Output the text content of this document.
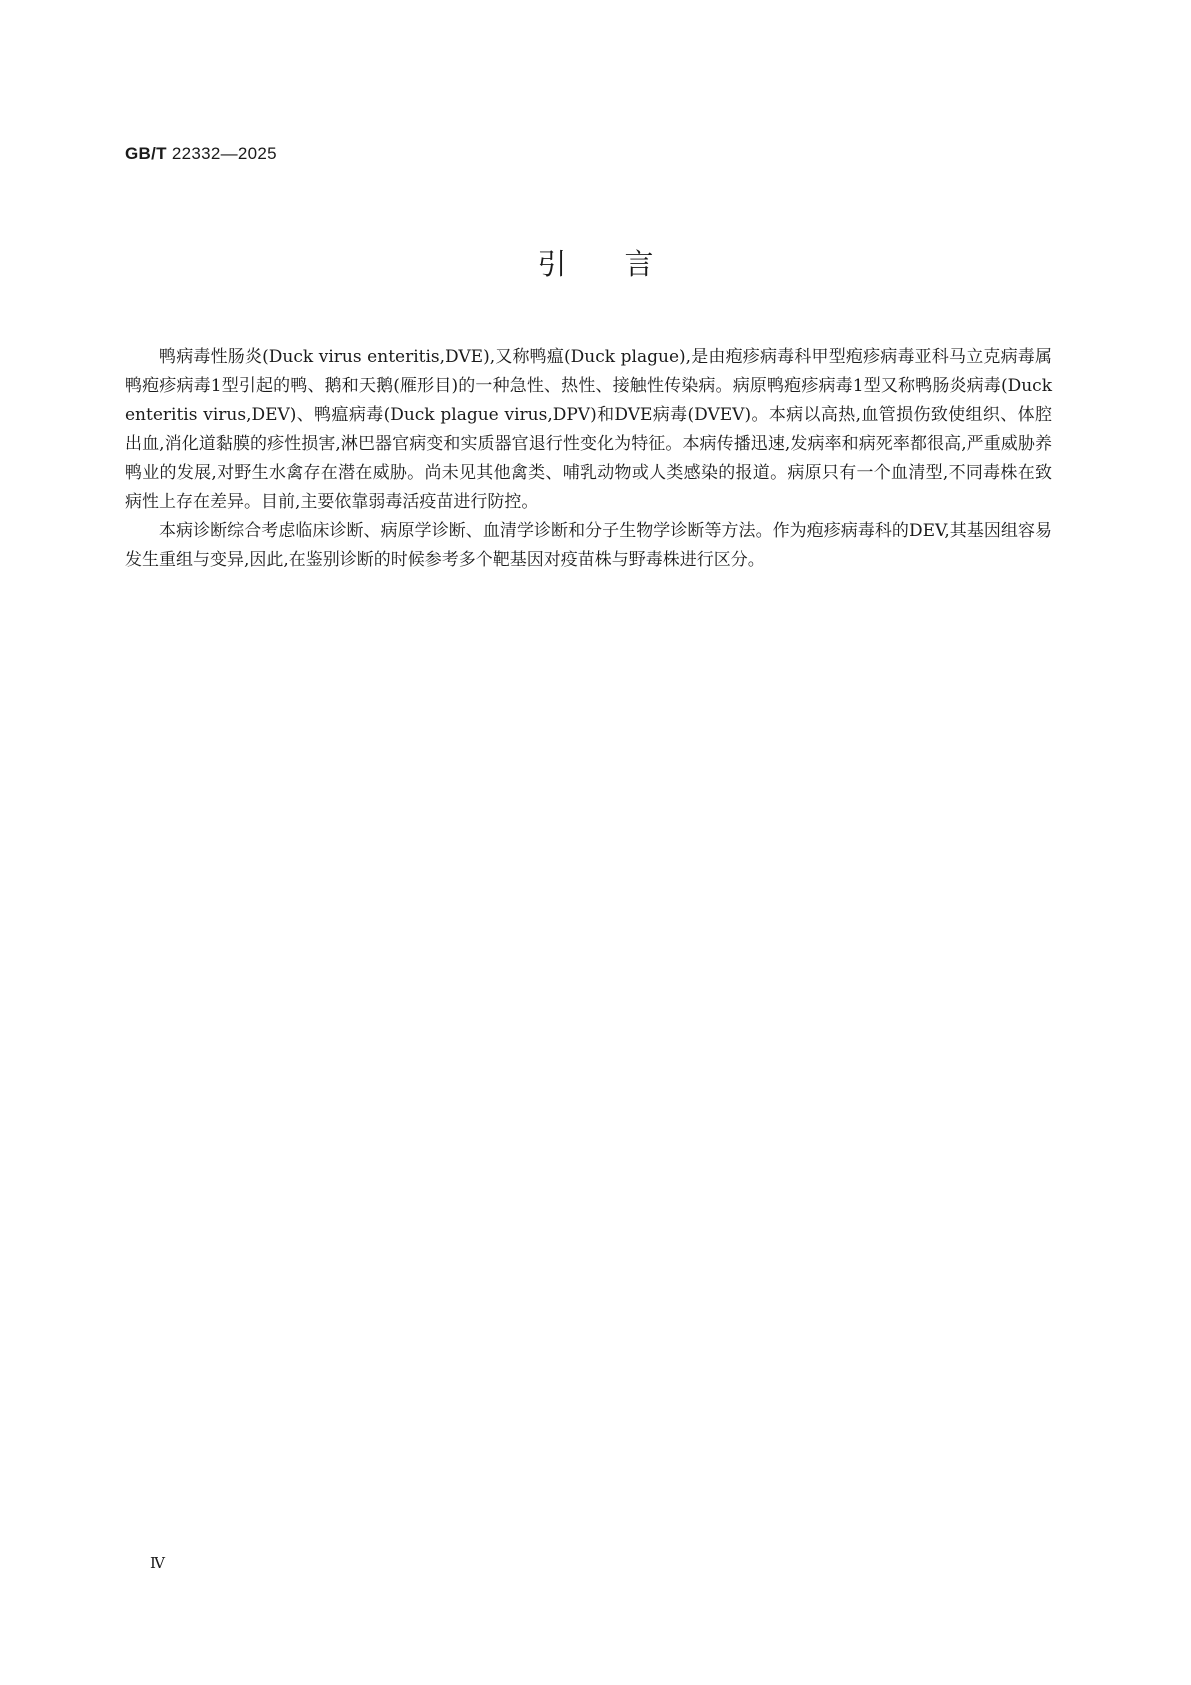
GB/T 22332—2025
引言

鸭病毒性肠炎(Duck virus enteritis,DVE),又称鸭瘟(Duck plague),是由疱疹病毒科甲型疱疹病毒亚科马立克病毒属鸭疱疹病毒1型引起的鸭、鹅和天鹅(雁形目)的一种急性、热性、接触性传染病。病原鸭疱疹病毒1型又称鸭肠炎病毒(Duck enteritis virus,DEV)、鸭瘟病毒(Duck plague virus,DPV)和DVE病毒(DVEV)。本病以高热,血管损伤致使组织、体腔出血,消化道黏膜的疹性损害,淋巴器官病变和实质器官退行性变化为特征。本病传播迅速,发病率和病死率都很高,严重威胁养鸭业的发展,对野生水禽存在潜在威胁。尚未见其他禽类、哺乳动物或人类感染的报道。病原只有一个血清型,不同毒株在致病性上存在差异。目前,主要依靠弱毒活疫苗进行防控。

本病诊断综合考虑临床诊断、病原学诊断、血清学诊断和分子生物学诊断等方法。作为疱疹病毒科的DEV,其基因组容易发生重组与变异,因此,在鉴别诊断的时候参考多个靶基因对疫苗株与野毒株进行区分。

Ⅳ
